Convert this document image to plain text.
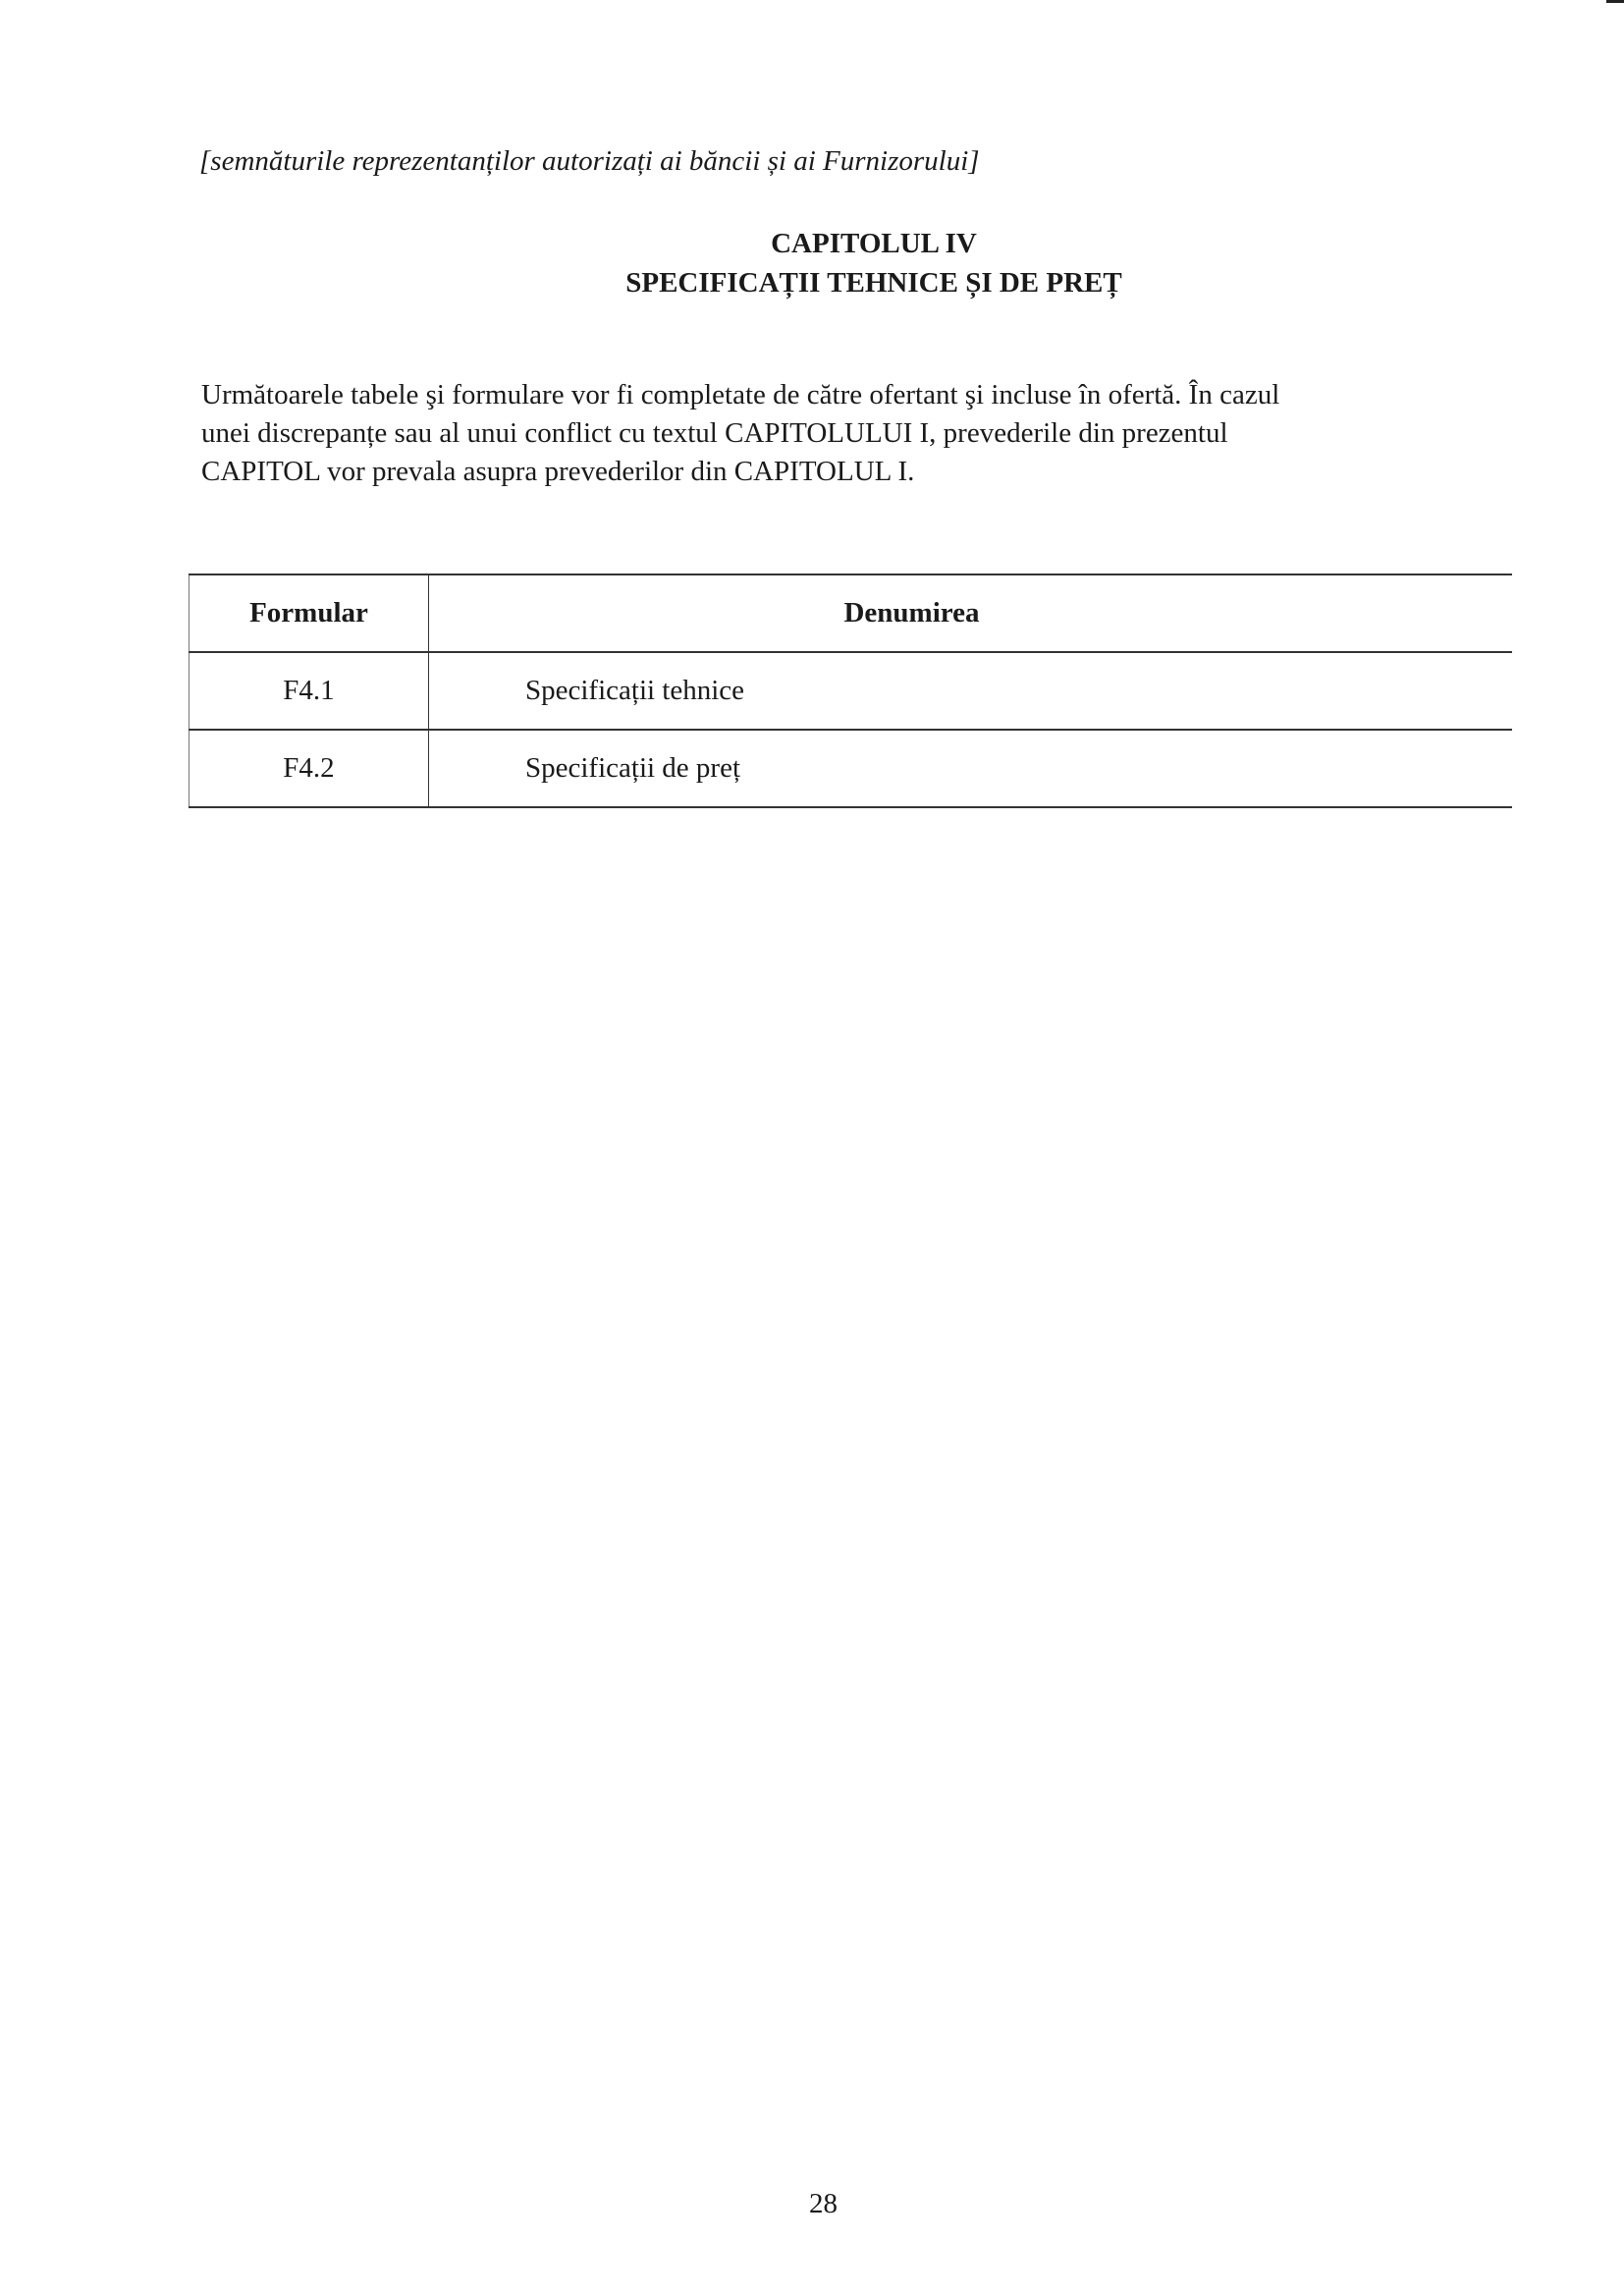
[semnăturile reprezentanților autorizați ai băncii și ai Furnizorului]
CAPITOLUL IV
SPECIFICAȚII TEHNICE ȘI DE PREȚ
Următoarele tabele şi formulare vor fi completate de către ofertant şi incluse în ofertă. În cazul
unei discrepanțe sau al unui conflict cu textul CAPITOLULUI I, prevederile din prezentul
CAPITOL vor prevala asupra prevederilor din CAPITOLUL I.
Formular	Denumirea
F4.1	Specificații tehnice
F4.2	Specificații de preț
28
